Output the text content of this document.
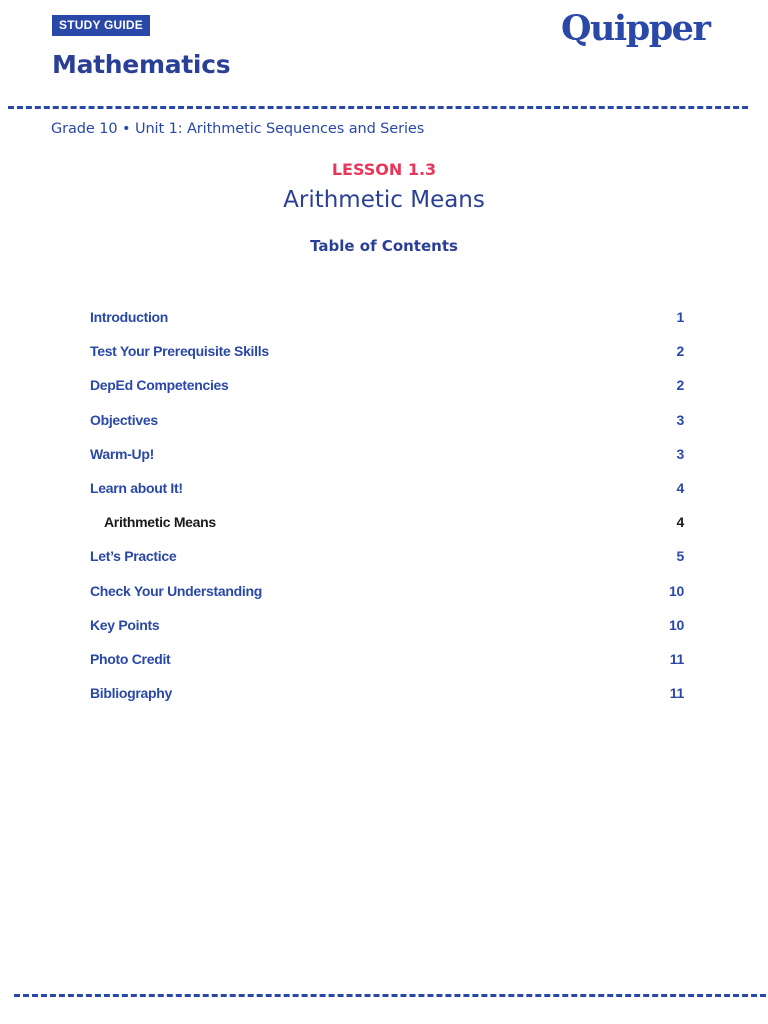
STUDY GUIDE
Mathematics
Quipper
Grade 10 • Unit 1: Arithmetic Sequences and Series
LESSON 1.3
Arithmetic Means
Table of Contents
Introduction	1
Test Your Prerequisite Skills	2
DepEd Competencies	2
Objectives	3
Warm-Up!	3
Learn about It!	4
Arithmetic Means	4
Let’s Practice	5
Check Your Understanding	10
Key Points	10
Photo Credit	11
Bibliography	11
